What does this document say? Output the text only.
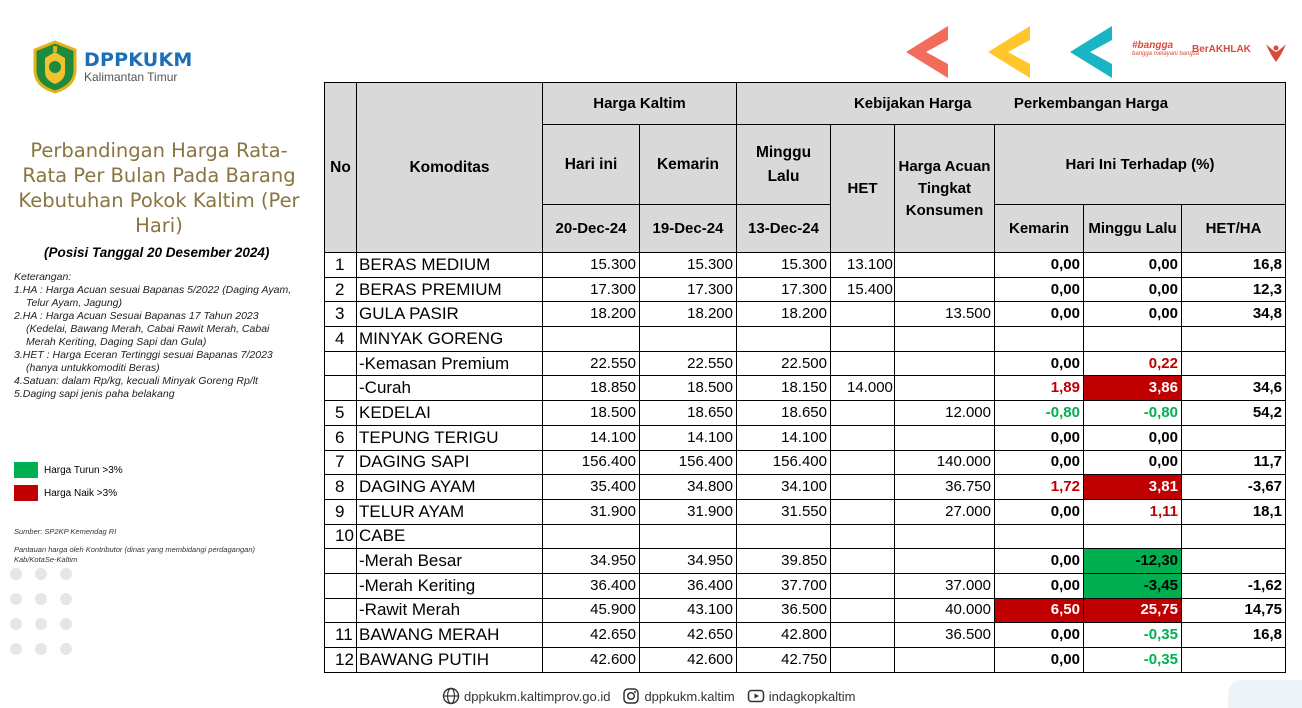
DPPKUKM
Kalimantan Timur
#bangga
bangga melayani bangsa
BerAKHLAK
Perbandingan Harga Rata-Rata Per Bulan Pada Barang Kebutuhan Pokok Kaltim (Per Hari)
(Posisi Tanggal 20 Desember 2024)
Keterangan:
1.HA : Harga Acuan sesuai Bapanas 5/2022 (Daging Ayam, Telur Ayam, Jagung)
2.HA : Harga Acuan Sesuai Bapanas 17 Tahun 2023 (Kedelai, Bawang Merah, Cabai Rawit Merah, Cabai Merah Keriting, Daging Sapi dan Gula)
3.HET : Harga Eceran Tertinggi sesuai Bapanas 7/2023 (hanya untukkomoditi Beras)
4.Satuan: dalam Rp/kg, kecuali Minyak Goreng Rp/lt
5.Daging sapi jenis paha belakang
Harga Turun >3%
Harga Naik >3%
Sumber: SP2KP Kemendag RI
Pantauan harga oleh Kontributor (dinas yang membidangi perdagangan) Kab/KotaSe-Kaltim
No	Komoditas	Harga Kaltim		Kebijakan Harga Perkembangan Harga					
		Hari ini	Kemarin	Minggu Lalu	HET	Harga Acuan Tingkat Konsumen	Hari Ini Terhadap (%)		
		20-Dec-24	19-Dec-24	13-Dec-24			Kemarin	Minggu Lalu	HET/HA
1	BERAS MEDIUM	15.300	15.300	15.300	13.100		0,00	0,00	16,8
2	BERAS PREMIUM	17.300	17.300	17.300	15.400		0,00	0,00	12,3
3	GULA PASIR	18.200	18.200	18.200		13.500	0,00	0,00	34,8
4	MINYAK GORENG								
	-Kemasan Premium	22.550	22.550	22.500			0,00	0,22	
	-Curah	18.850	18.500	18.150	14.000		1,89	3,86	34,6
5	KEDELAI	18.500	18.650	18.650		12.000	-0,80	-0,80	54,2
6	TEPUNG TERIGU	14.100	14.100	14.100			0,00	0,00	
7	DAGING SAPI	156.400	156.400	156.400		140.000	0,00	0,00	11,7
8	DAGING AYAM	35.400	34.800	34.100		36.750	1,72	3,81	-3,67
9	TELUR AYAM	31.900	31.900	31.550		27.000	0,00	1,11	18,1
10	CABE								
	-Merah Besar	34.950	34.950	39.850			0,00	-12,30	
	-Merah Keriting	36.400	36.400	37.700		37.000	0,00	-3,45	-1,62
	-Rawit Merah	45.900	43.100	36.500		40.000	6,50	25,75	14,75
11	BAWANG MERAH	42.650	42.650	42.800		36.500	0,00	-0,35	16,8
12	BAWANG PUTIH	42.600	42.600	42.750			0,00	-0,35	
dppkukm.kaltimprov.go.id	dppkukm.kaltim	indagkopkaltim
